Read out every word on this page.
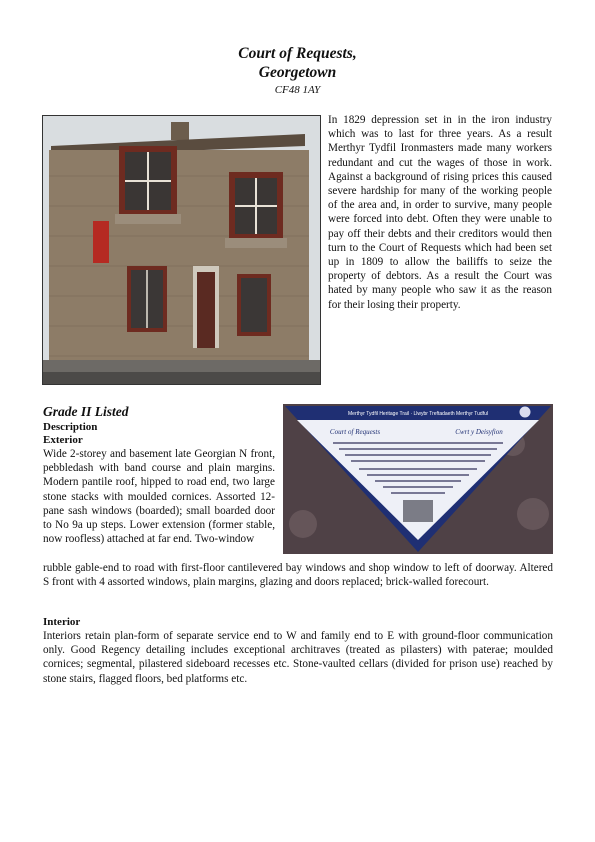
Court of Requests,
Georgetown
CF48 1AY

In 1829 depression set in in the iron industry which was to last for three years. As a result Merthyr Tydfil Ironmasters made many workers redundant and cut the wages of those in work. Against a background of rising prices this caused severe hardship for many of the working people of the area and, in order to survive, many people were forced into debt. Often they were unable to pay off their debts and their creditors would then turn to the Court of Requests which had been set up in 1809 to allow the bailiffs to seize the property of debtors. As a result the Court was hated by many people who saw it as the reason for their losing their property.

Grade II Listed
Description
Exterior

Wide 2-storey and basement late Georgian N front, pebbledash with band course and plain margins. Modern pantile roof, hipped to road end, two large stone stacks with moulded cornices. Assorted 12-pane sash windows (boarded); small boarded door to No 9a up steps. Lower extension (former stable, now roofless) attached at far end. Two-window

Merthyr Tydfil Heritage Trail · Llwybr Treftadaeth Merthyr Tudful
Court of Requests	Cwrt y Deisyfion

rubble gable-end to road with first-floor cantilevered bay windows and shop window to left of doorway. Altered S front with 4 assorted windows, plain margins, glazing and doors replaced; brick-walled forecourt.

Interior

Interiors retain plan-form of separate service end to W and family end to E with ground-floor communication only. Good Regency detailing includes exceptional architraves (treated as pilasters) with paterae; moulded cornices; segmental, pilastered sideboard recesses etc. Stone-vaulted cellars (divided for prison use) reached by stone stairs, flagged floors, bed platforms etc.
